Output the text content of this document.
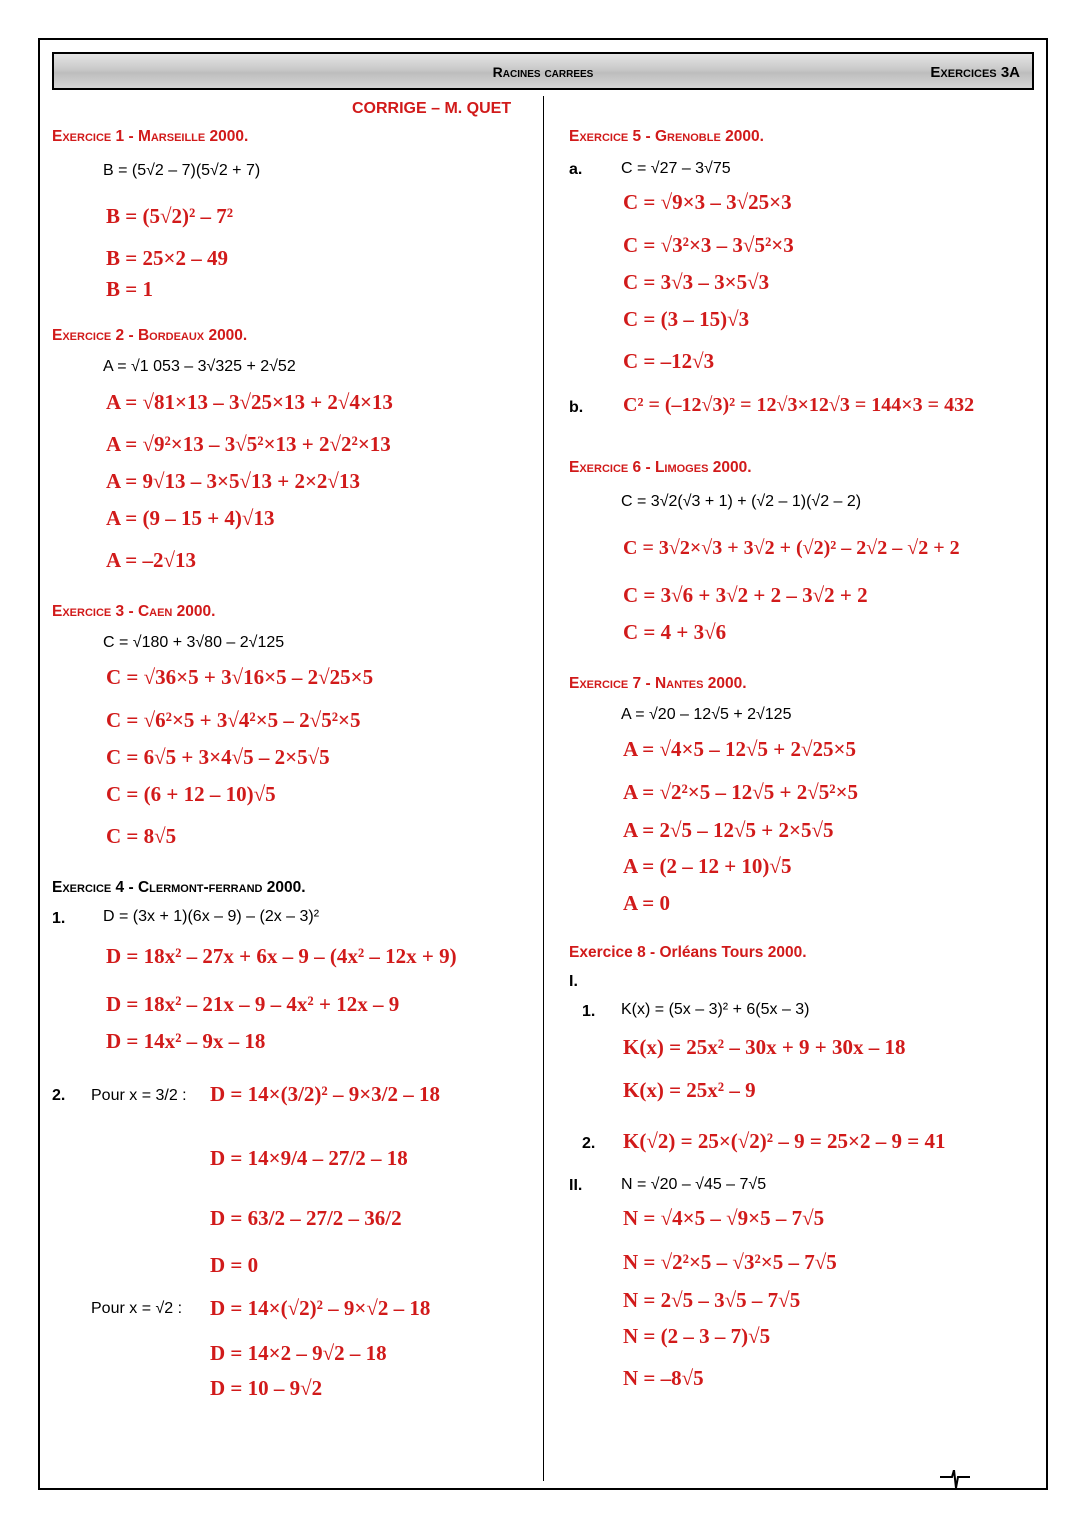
Racines carrees	Exercices 3A
CORRIGE – M. QUET
Exercice 1 - Marseille 2000.
B = (5√2 – 7)(5√2 + 7)
B = (5√2)² – 7²
B = 25×2 – 49
B = 1
Exercice 2 - Bordeaux 2000.
A = √1 053 – 3√325 + 2√52
A = √81×13 – 3√25×13 + 2√4×13
A = √9²×13 – 3√5²×13 + 2√2²×13
A = 9√13 – 3×5√13 + 2×2√13
A = (9 – 15 + 4)√13
A = –2√13
Exercice 3 - Caen 2000.
C = √180 + 3√80 – 2√125
C = √36×5 + 3√16×5 – 2√25×5
C = √6²×5 + 3√4²×5 – 2√5²×5
C = 6√5 + 3×4√5 – 2×5√5
C = (6 + 12 – 10)√5
C = 8√5
Exercice 4 - Clermont-ferrand 2000.
1. D = (3x + 1)(6x – 9) – (2x – 3)²
D = 18x² – 27x + 6x – 9 – (4x² – 12x + 9)
D = 18x² – 21x – 9 – 4x² + 12x – 9
D = 14x² – 9x – 18
2. Pour x = 3/2 : D = 14×(3/2)² – 9×3/2 – 18
D = 14×9/4 – 27/2 – 18
D = 63/2 – 27/2 – 36/2
D = 0
Pour x = √2 : D = 14×(√2)² – 9×√2 – 18
D = 14×2 – 9√2 – 18
D = 10 – 9√2
Exercice 5 - Grenoble 2000.
a. C = √27 – 3√75
C = √9×3 – 3√25×3
C = √3²×3 – 3√5²×3
C = 3√3 – 3×5√3
C = (3 – 15)√3
C = –12√3
b. C² = (–12√3)² = 12√3×12√3 = 144×3 = 432
Exercice 6 - Limoges 2000.
C = 3√2(√3 + 1) + (√2 – 1)(√2 – 2)
C = 3√2×√3 + 3√2 + (√2)² – 2√2 – √2 + 2
C = 3√6 + 3√2 + 2 – 3√2 + 2
C = 4 + 3√6
Exercice 7 - Nantes 2000.
A = √20 – 12√5 + 2√125
A = √4×5 – 12√5 + 2√25×5
A = √2²×5 – 12√5 + 2√5²×5
A = 2√5 – 12√5 + 2×5√5
A = (2 – 12 + 10)√5
A = 0
Exercice 8 - Orléans Tours 2000.
I.
1. K(x) = (5x – 3)² + 6(5x – 3)
K(x) = 25x² – 30x + 9 + 30x – 18
K(x) = 25x² – 9
2. K(√2) = 25×(√2)² – 9 = 25×2 – 9 = 41
II. N = √20 – √45 – 7√5
N = √4×5 – √9×5 – 7√5
N = √2²×5 – √3²×5 – 7√5
N = 2√5 – 3√5 – 7√5
N = (2 – 3 – 7)√5
N = –8√5
